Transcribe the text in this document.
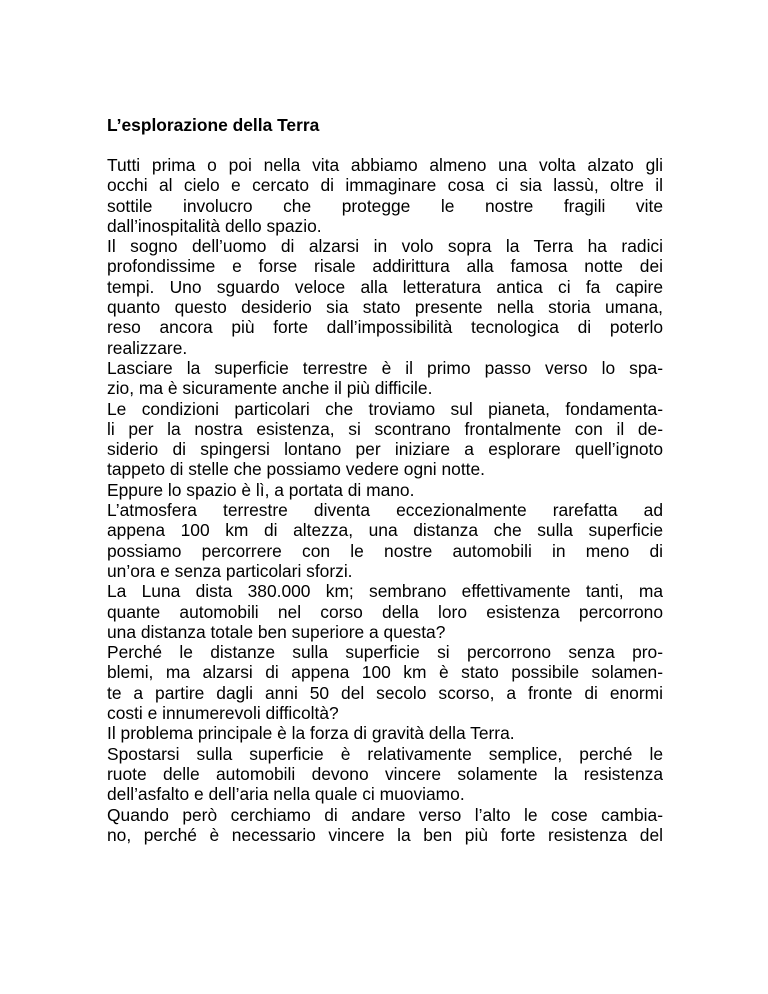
L’esplorazione della Terra
Tutti prima o poi nella vita abbiamo almeno una volta alzato gli
occhi al cielo e cercato di immaginare cosa ci sia lassù, oltre il
sottile involucro che protegge le nostre fragili vite
dall’inospitalità dello spazio.
Il sogno dell’uomo di alzarsi in volo sopra la Terra ha radici
profondissime e forse risale addirittura alla famosa notte dei
tempi. Uno sguardo veloce alla letteratura antica ci fa capire
quanto questo desiderio sia stato presente nella storia umana,
reso ancora più forte dall’impossibilità tecnologica di poterlo
realizzare.
Lasciare la superficie terrestre è il primo passo verso lo spa-
zio, ma è sicuramente anche il più difficile.
Le condizioni particolari che troviamo sul pianeta, fondamenta-
li per la nostra esistenza, si scontrano frontalmente con il de-
siderio di spingersi lontano per iniziare a esplorare quell’ignoto
tappeto di stelle che possiamo vedere ogni notte.
Eppure lo spazio è lì, a portata di mano.
L’atmosfera terrestre diventa eccezionalmente rarefatta ad
appena 100 km di altezza, una distanza che sulla superficie
possiamo percorrere con le nostre automobili in meno di
un’ora e senza particolari sforzi.
La Luna dista 380.000 km; sembrano effettivamente tanti, ma
quante automobili nel corso della loro esistenza percorrono
una distanza totale ben superiore a questa?
Perché le distanze sulla superficie si percorrono senza pro-
blemi, ma alzarsi di appena 100 km è stato possibile solamen-
te a partire dagli anni 50 del secolo scorso, a fronte di enormi
costi e innumerevoli difficoltà?
Il problema principale è la forza di gravità della Terra.
Spostarsi sulla superficie è relativamente semplice, perché le
ruote delle automobili devono vincere solamente la resistenza
dell’asfalto e dell’aria nella quale ci muoviamo.
Quando però cerchiamo di andare verso l’alto le cose cambia-
no, perché è necessario vincere la ben più forte resistenza del
